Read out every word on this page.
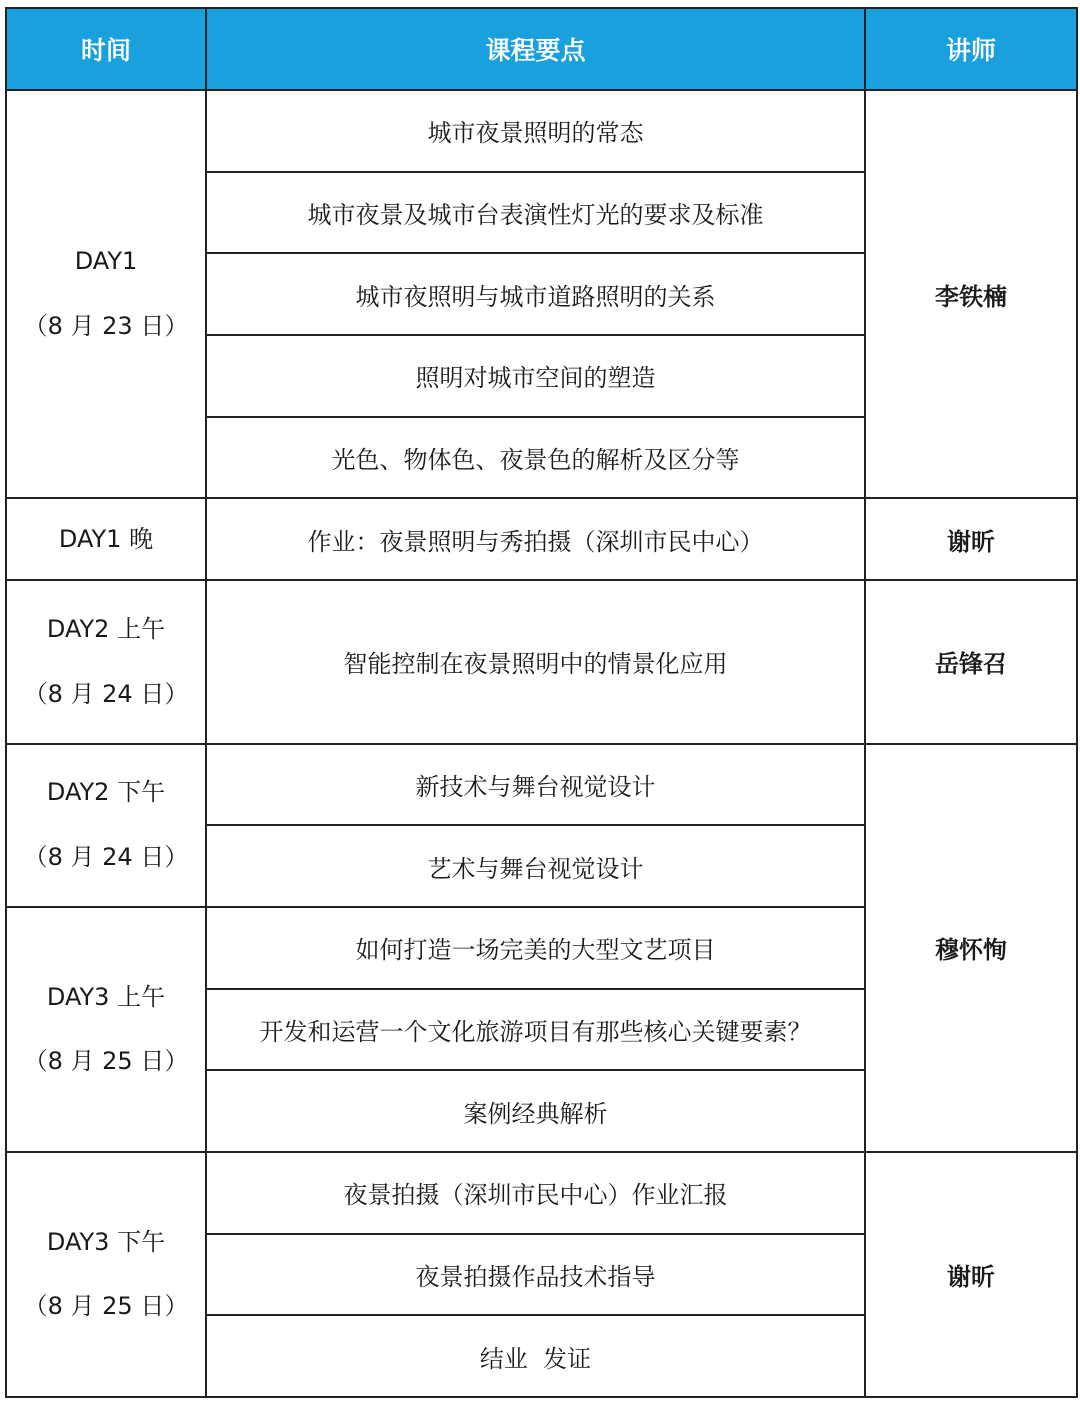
时间	课程要点	讲师

DAY1
（8 月 23 日）	城市夜景照明的常态	李铁楠
	城市夜景及城市台表演性灯光的要求及标准	
	城市夜照明与城市道路照明的关系	
	照明对城市空间的塑造	
	光色、物体色、夜景色的解析及区分等	

DAY1 晚	作业：夜景照明与秀拍摄（深圳市民中心）	谢昕

DAY2 上午
（8 月 24 日）	智能控制在夜景照明中的情景化应用	岳锋召

DAY2 下午
（8 月 24 日）	新技术与舞台视觉设计	穆怀恂
	艺术与舞台视觉设计	

DAY3 上午
（8 月 25 日）	如何打造一场完美的大型文艺项目	
	开发和运营一个文化旅游项目有那些核心关键要素？	
	案例经典解析	

DAY3 下午
（8 月 25 日）	夜景拍摄（深圳市民中心）作业汇报	谢昕
	夜景拍摄作品技术指导	
	结业  发证	
